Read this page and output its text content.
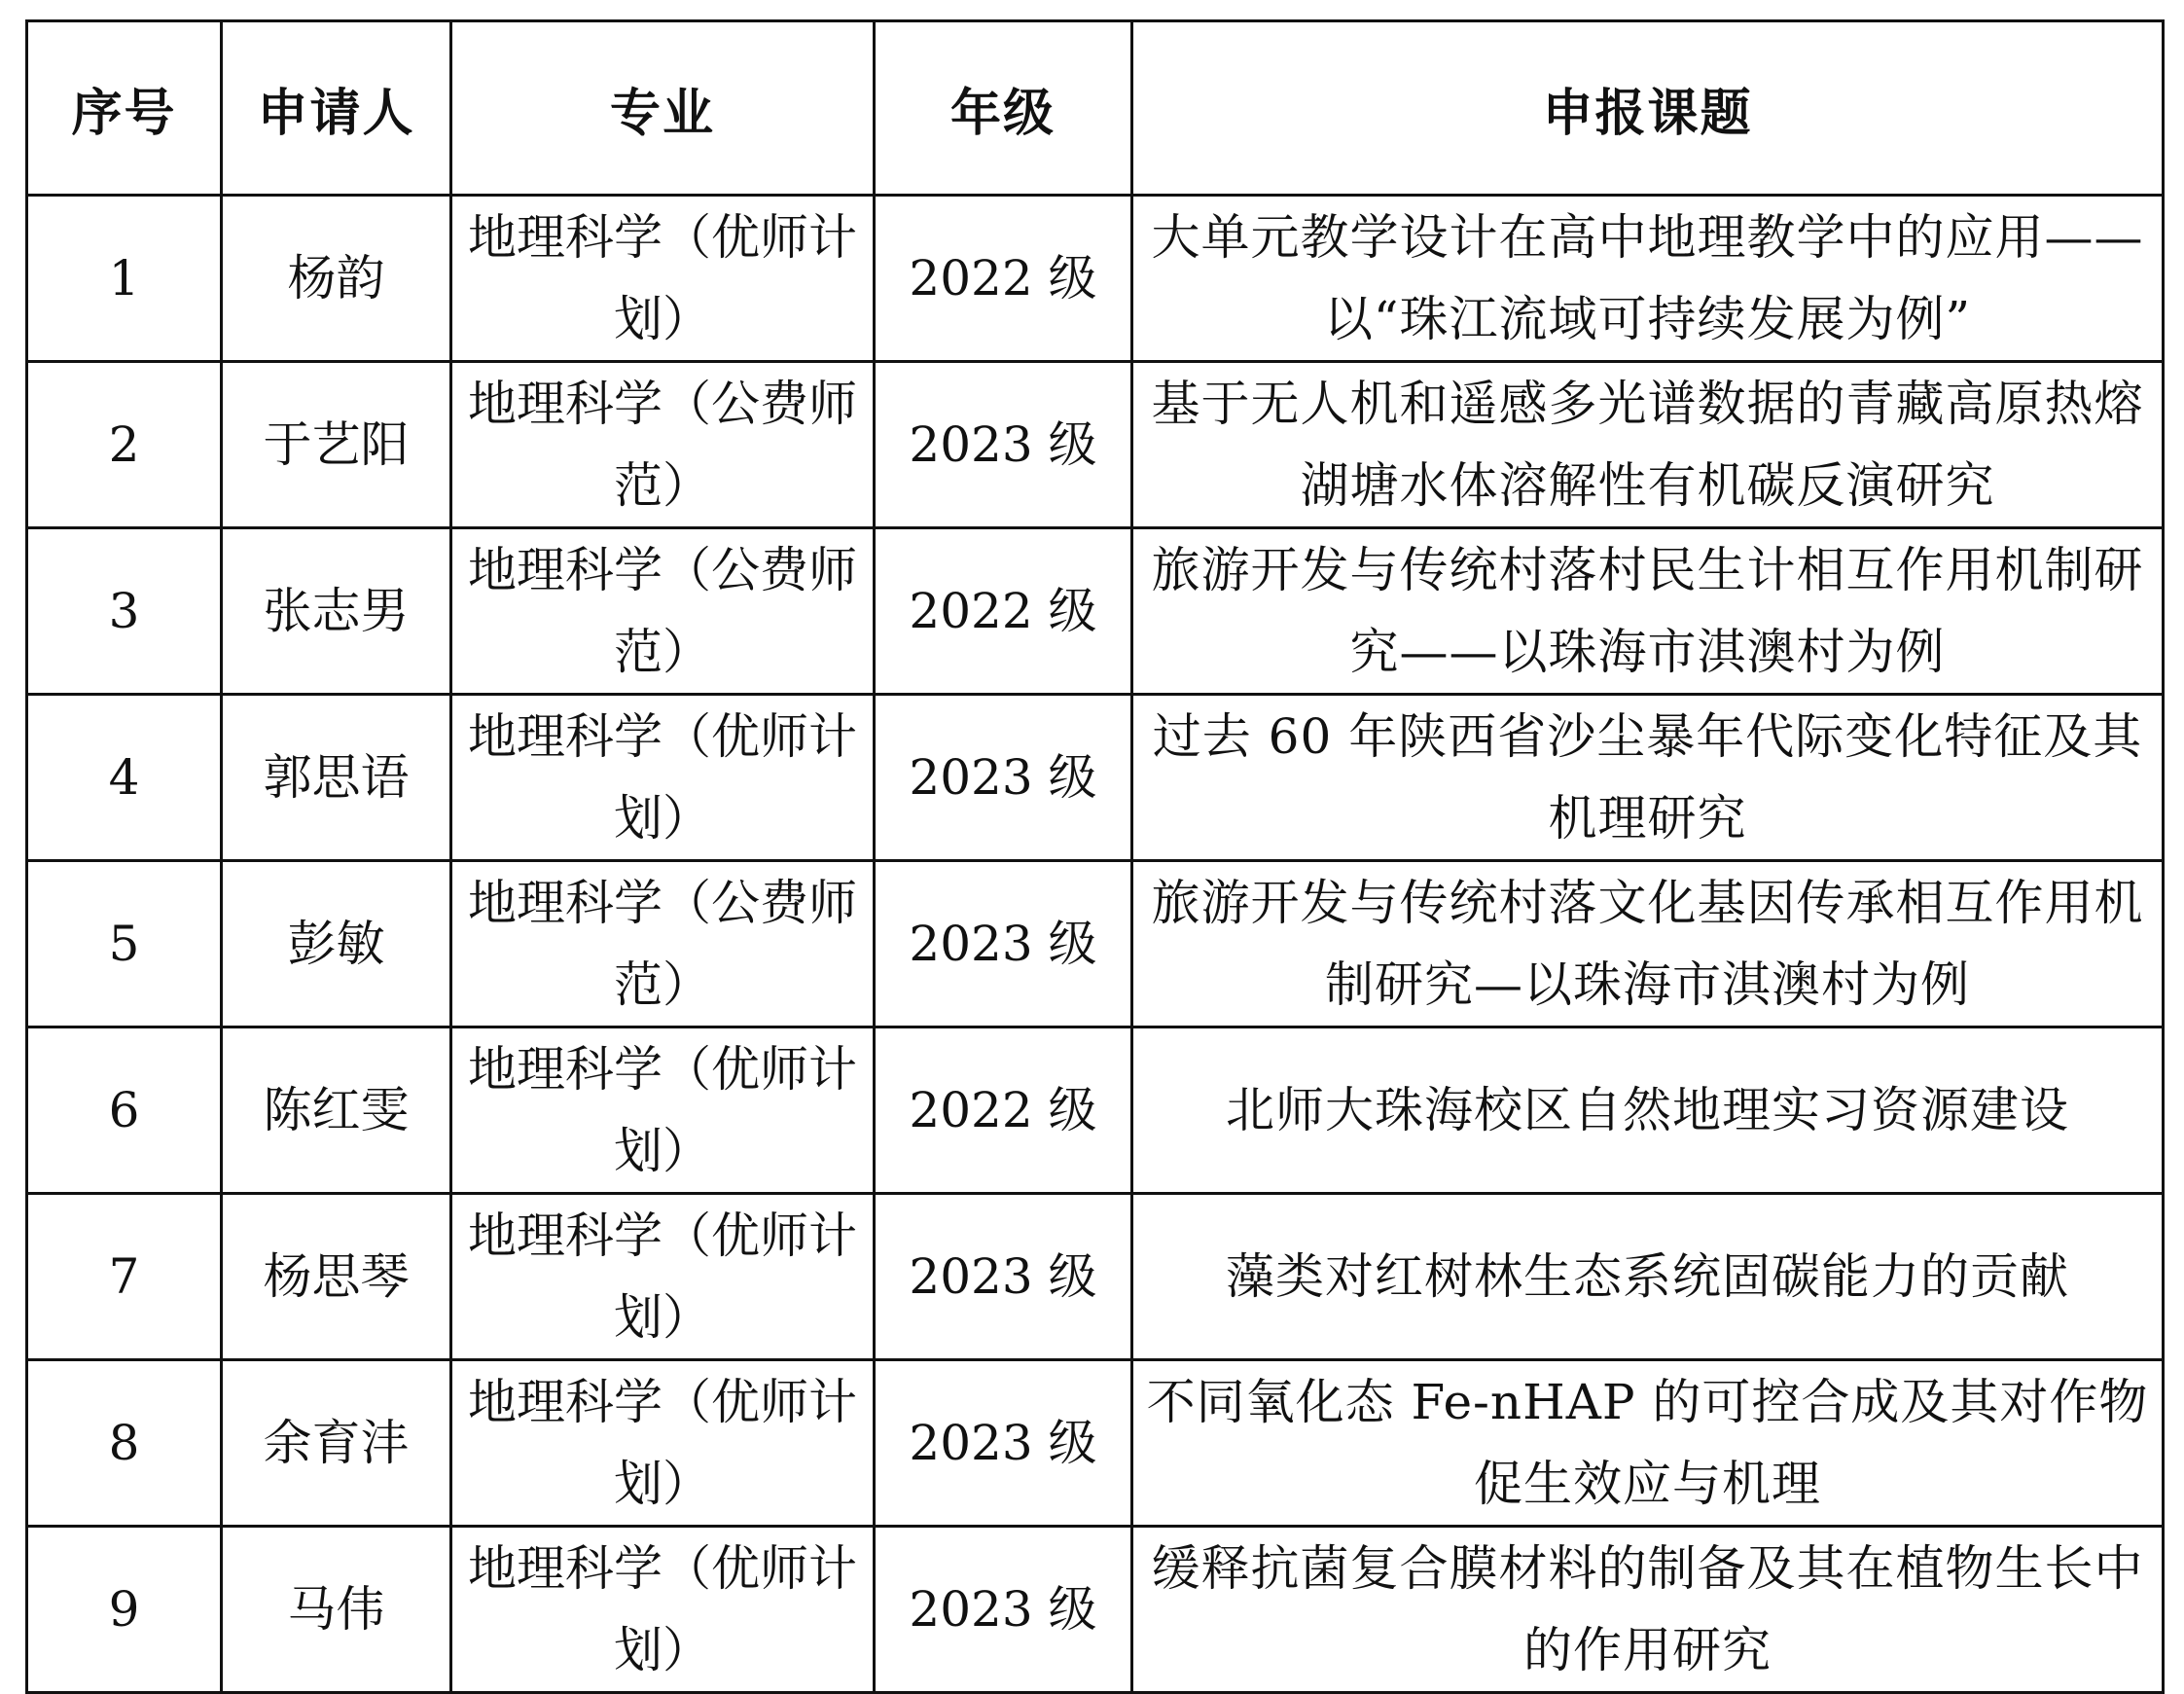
序号	申请人	专业	年级	申报课题
1	杨韵	地理科学（优师计划）	2022 级	大单元教学设计在高中地理教学中的应用——以“珠江流域可持续发展为例”
2	于艺阳	地理科学（公费师范）	2023 级	基于无人机和遥感多光谱数据的青藏高原热熔湖塘水体溶解性有机碳反演研究
3	张志男	地理科学（公费师范）	2022 级	旅游开发与传统村落村民生计相互作用机制研究——以珠海市淇澳村为例
4	郭思语	地理科学（优师计划）	2023 级	过去 60 年陕西省沙尘暴年代际变化特征及其机理研究
5	彭敏	地理科学（公费师范）	2023 级	旅游开发与传统村落文化基因传承相互作用机制研究—以珠海市淇澳村为例
6	陈红雯	地理科学（优师计划）	2022 级	北师大珠海校区自然地理实习资源建设
7	杨思琴	地理科学（优师计划）	2023 级	藻类对红树林生态系统固碳能力的贡献
8	余育沣	地理科学（优师计划）	2023 级	不同氧化态 Fe-nHAP 的可控合成及其对作物促生效应与机理
9	马伟	地理科学（优师计划）	2023 级	缓释抗菌复合膜材料的制备及其在植物生长中的作用研究
